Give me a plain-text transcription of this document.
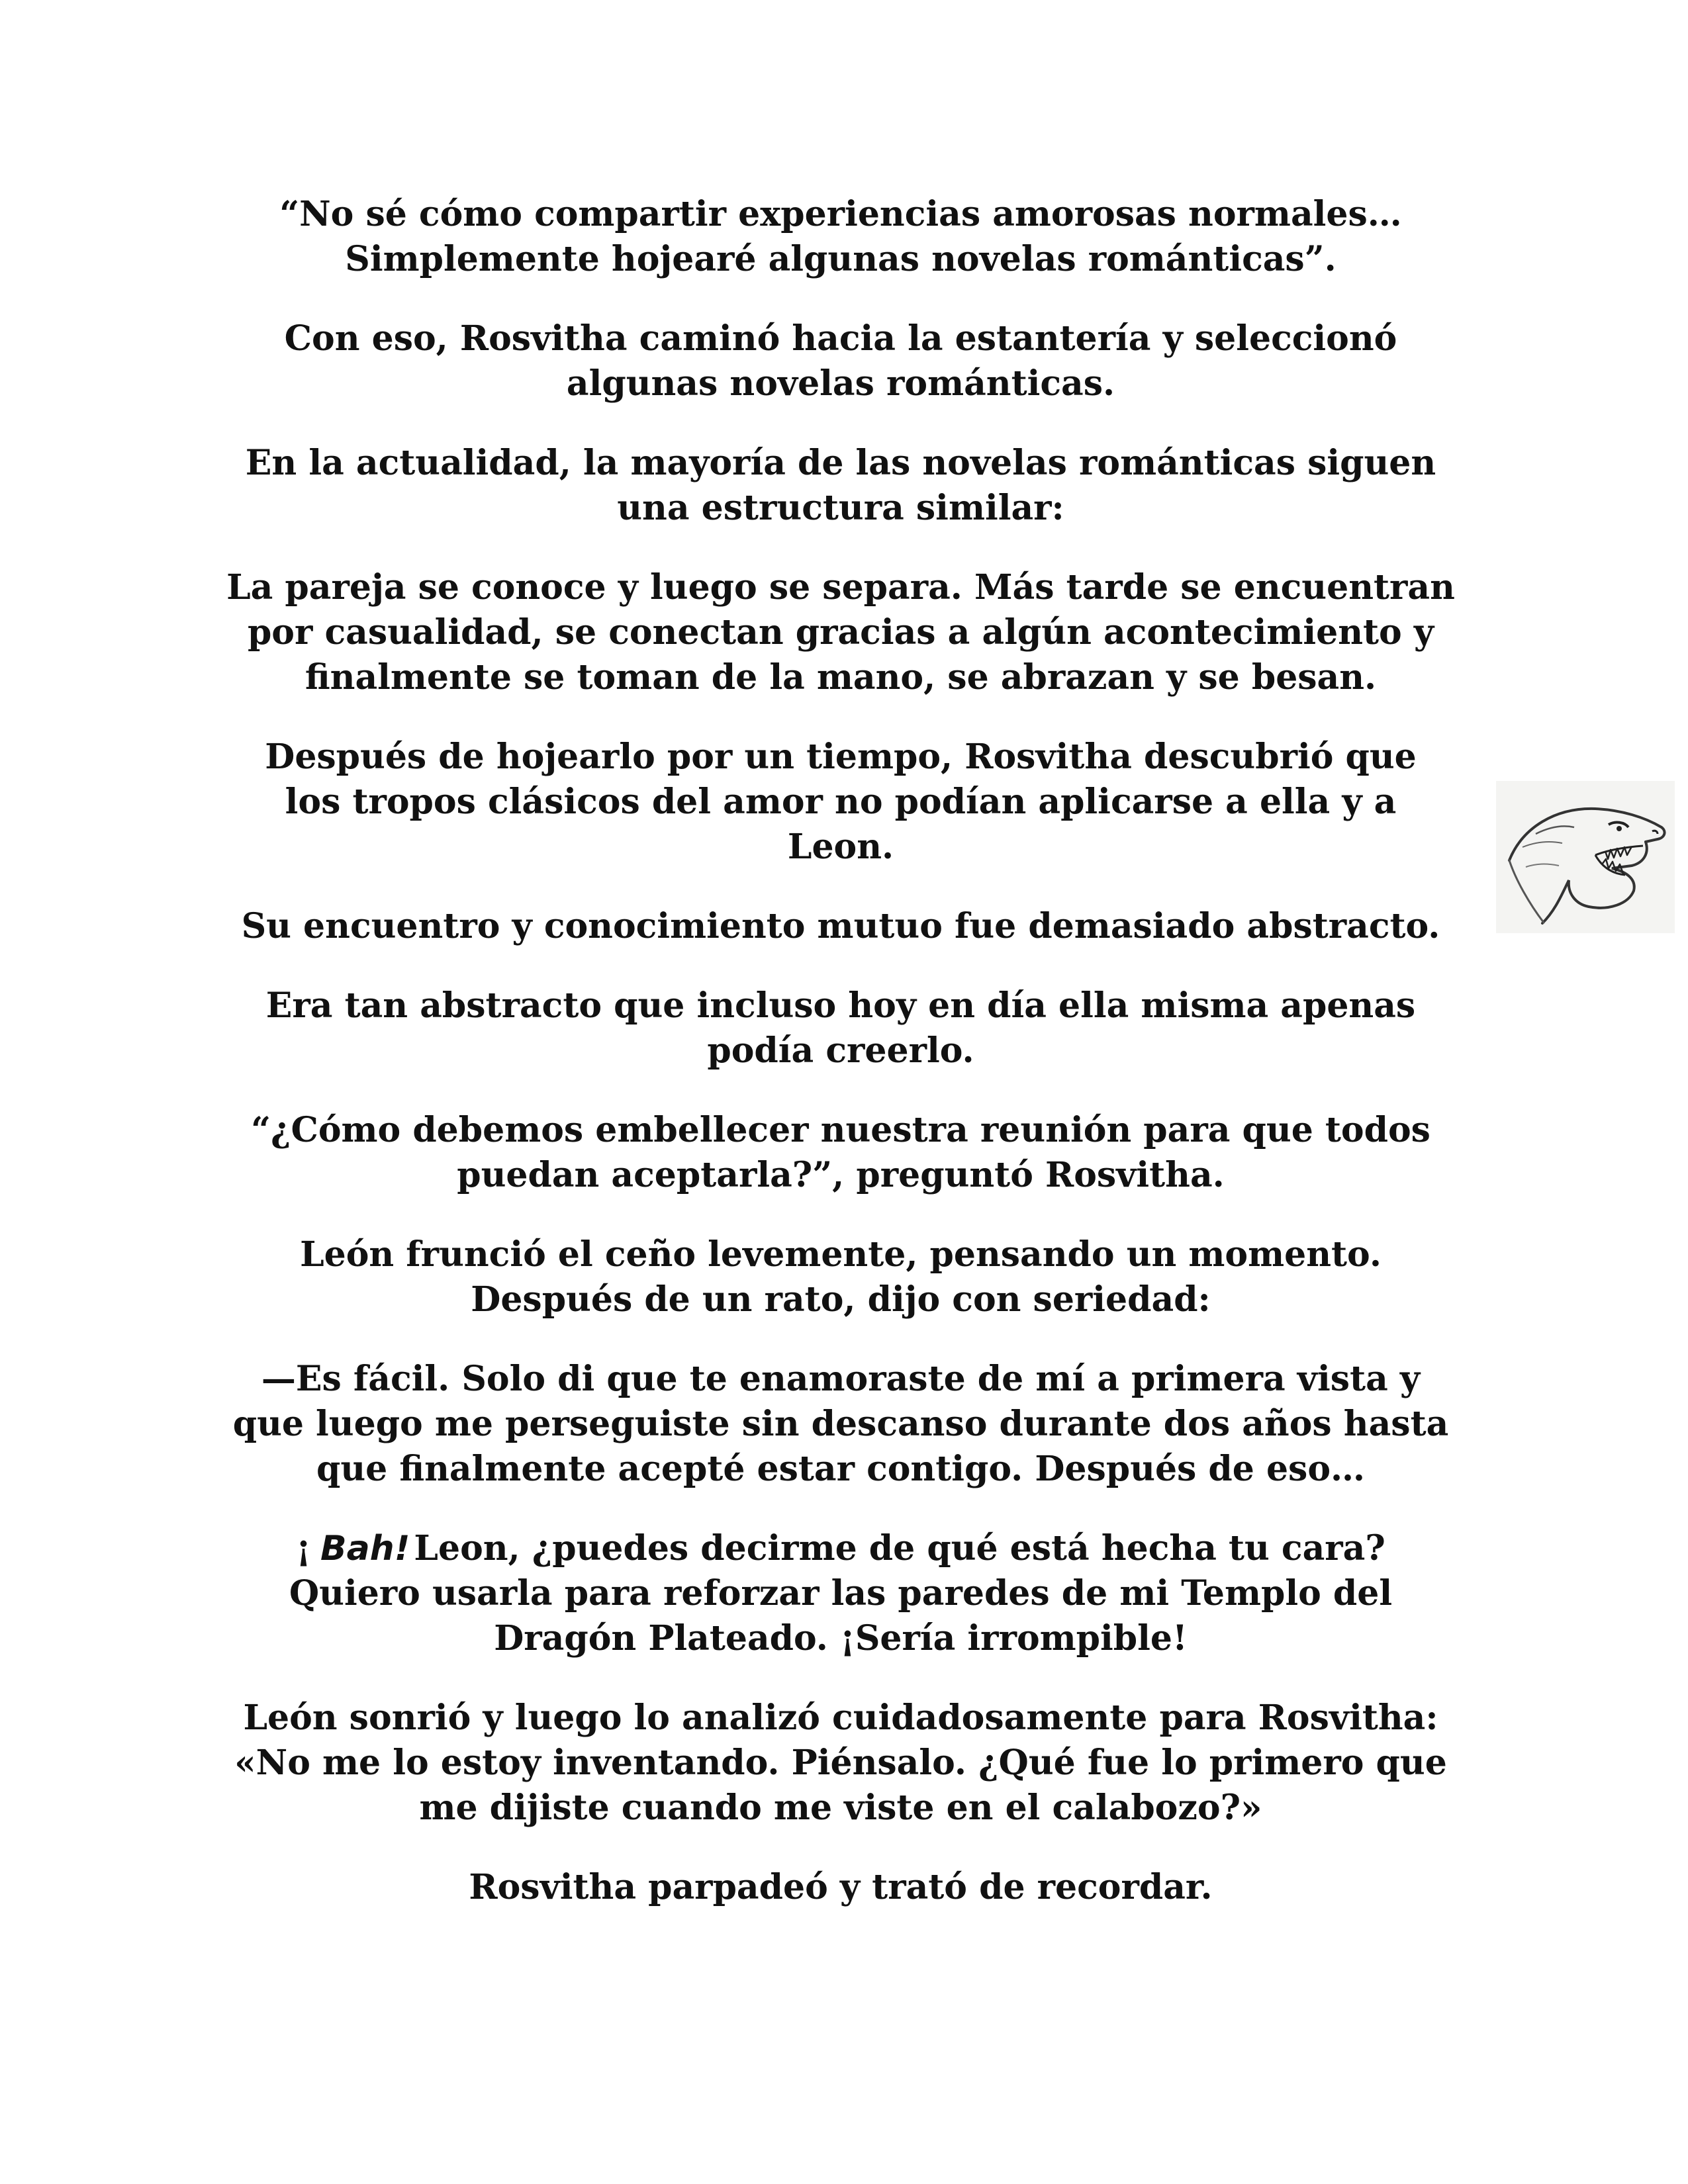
“No sé cómo compartir experiencias amorosas normales…
Simplemente hojearé algunas novelas románticas”.

Con eso, Rosvitha caminó hacia la estantería y seleccionó
algunas novelas románticas.

En la actualidad, la mayoría de las novelas románticas siguen
una estructura similar:

La pareja se conoce y luego se separa. Más tarde se encuentran
por casualidad, se conectan gracias a algún acontecimiento y
finalmente se toman de la mano, se abrazan y se besan.

Después de hojearlo por un tiempo, Rosvitha descubrió que
los tropos clásicos del amor no podían aplicarse a ella y a
Leon.

Su encuentro y conocimiento mutuo fue demasiado abstracto.

Era tan abstracto que incluso hoy en día ella misma apenas
podía creerlo.

“¿Cómo debemos embellecer nuestra reunión para que todos
puedan aceptarla?”, preguntó Rosvitha.

León frunció el ceño levemente, pensando un momento.
Después de un rato, dijo con seriedad:

—Es fácil. Solo di que te enamoraste de mí a primera vista y
que luego me perseguiste sin descanso durante dos años hasta
que finalmente acepté estar contigo. Después de eso…

¡ Bah! Leon, ¿puedes decirme de qué está hecha tu cara?
Quiero usarla para reforzar las paredes de mi Templo del
Dragón Plateado. ¡Sería irrompible!

León sonrió y luego lo analizó cuidadosamente para Rosvitha:
«No me lo estoy inventando. Piénsalo. ¿Qué fue lo primero que
me dijiste cuando me viste en el calabozo?»

Rosvitha parpadeó y trató de recordar.
